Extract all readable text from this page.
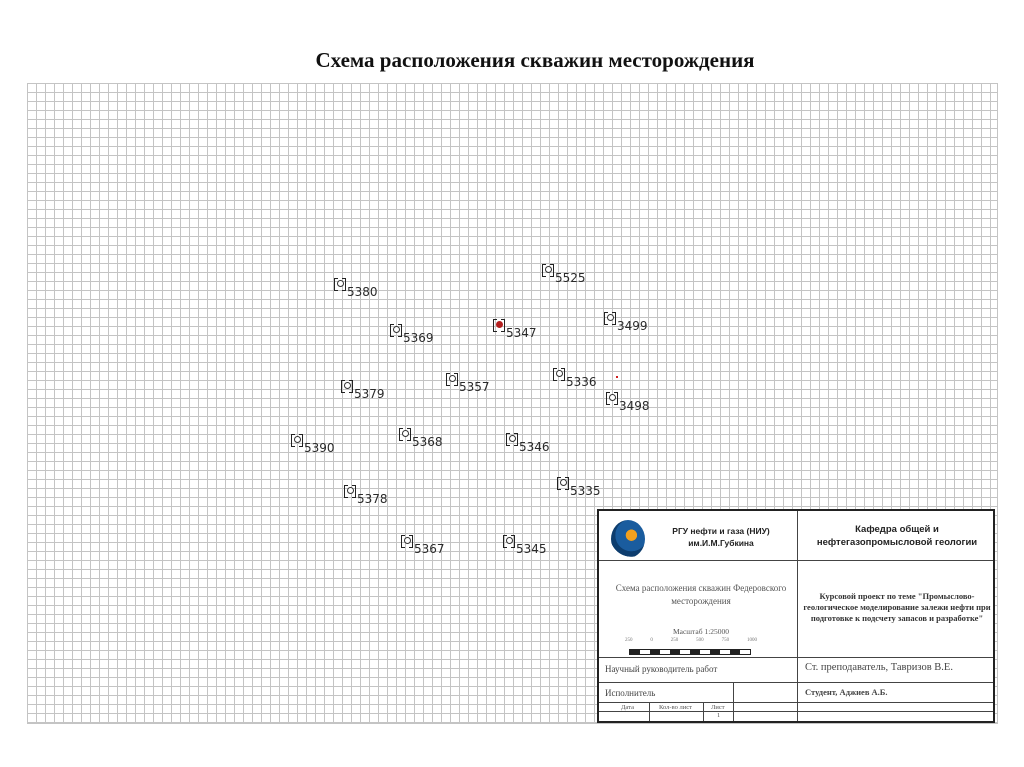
Схема расположения скважин месторождения
5525
5380
5369	5347	3499
5379	5357	5336
3498
5390	5368	5346
5378
5335
5367	5345
РГУ нефти и газа (НИУ) им.И.М.Губкина
Кафедра общей и нефтегазопромысловой геологии
Схема расположения скважин Федеровского месторождения
Масштаб 1:25000
250	0	250	500	750	1000
Курсовой проект по теме "Промыслово-геологическое моделирование залежи нефти при подготовке к подсчету запасов и разработке"
Научный руководитель работ	Ст. преподаватель, Тавризов В.Е.
Исполнитель	Студент, Аджиев А.Б.
Дата	Кол-во лист	Лист
1
